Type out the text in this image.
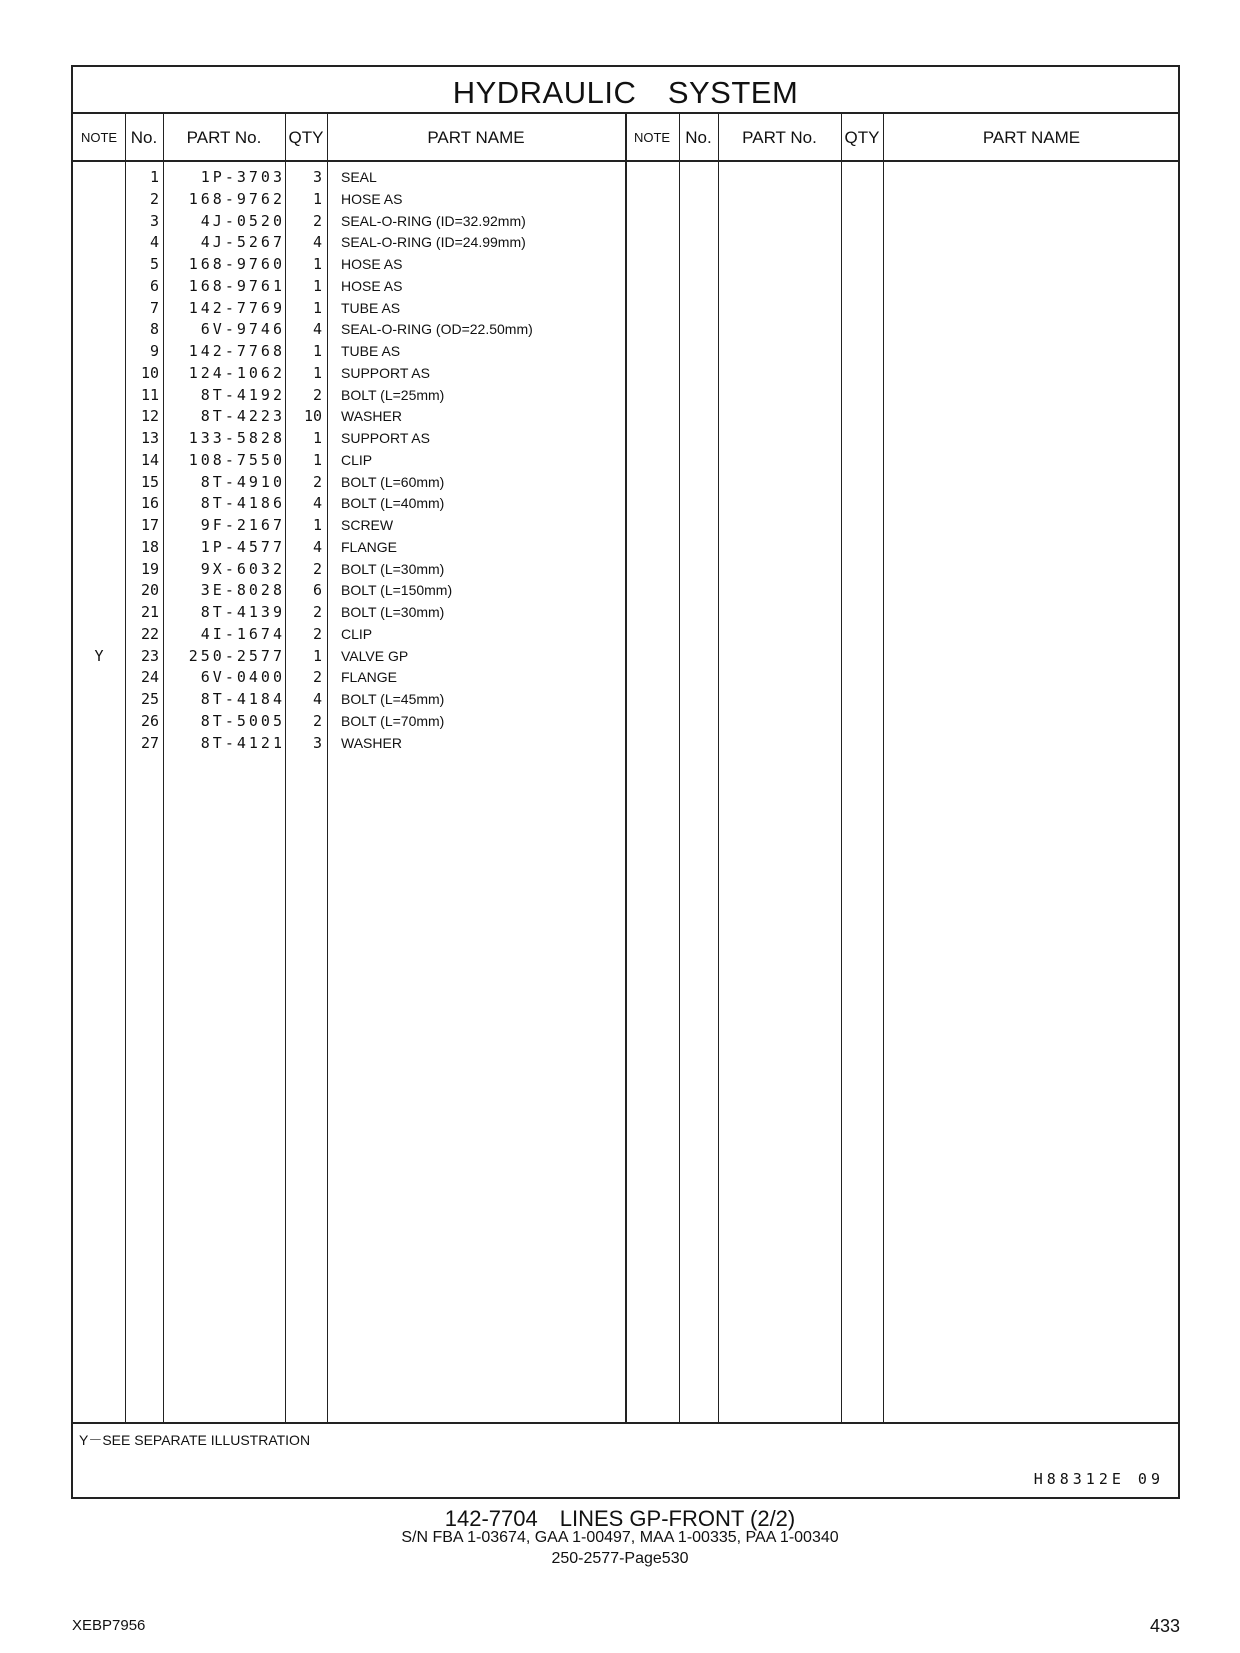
HYDRAULIC　SYSTEM
NOTE No.	PART No.	QTY	PART NAME	NOTE No.	PART No.	QTY	PART NAME
1	1P-3703	3 SEAL
2	168-9762	1 HOSE AS
3	4J-0520	2 SEAL-O-RING (ID=32.92mm)
4	4J-5267	4 SEAL-O-RING (ID=24.99mm)
5	168-9760	1 HOSE AS
6	168-9761	1 HOSE AS
7	142-7769	1 TUBE AS
8	6V-9746	4 SEAL-O-RING (OD=22.50mm)
9	142-7768	1 TUBE AS
10	124-1062	1 SUPPORT AS
11	8T-4192	2 BOLT (L=25mm)
12	8T-4223	10 WASHER
13	133-5828	1 SUPPORT AS
14	108-7550	1 CLIP
15	8T-4910	2 BOLT (L=60mm)
16	8T-4186	4 BOLT (L=40mm)
17	9F-2167	1 SCREW
18	1P-4577	4 FLANGE
19	9X-6032	2 BOLT (L=30mm)
20	3E-8028	6 BOLT (L=150mm)
21	8T-4139	2 BOLT (L=30mm)
22	4I-1674	2 CLIP
Y	23	250-2577	1 VALVE GP
24	6V-0400	2 FLANGE
25	8T-4184	4 BOLT (L=45mm)
26	8T-5005	2 BOLT (L=70mm)
27	8T-4121	3 WASHER
Y－SEE SEPARATE ILLUSTRATION
H88312E 09
142-7704　LINES GP-FRONT (2/2)
S/N FBA 1-03674, GAA 1-00497, MAA 1-00335, PAA 1-00340
250-2577-Page530
XEBP7956	433
